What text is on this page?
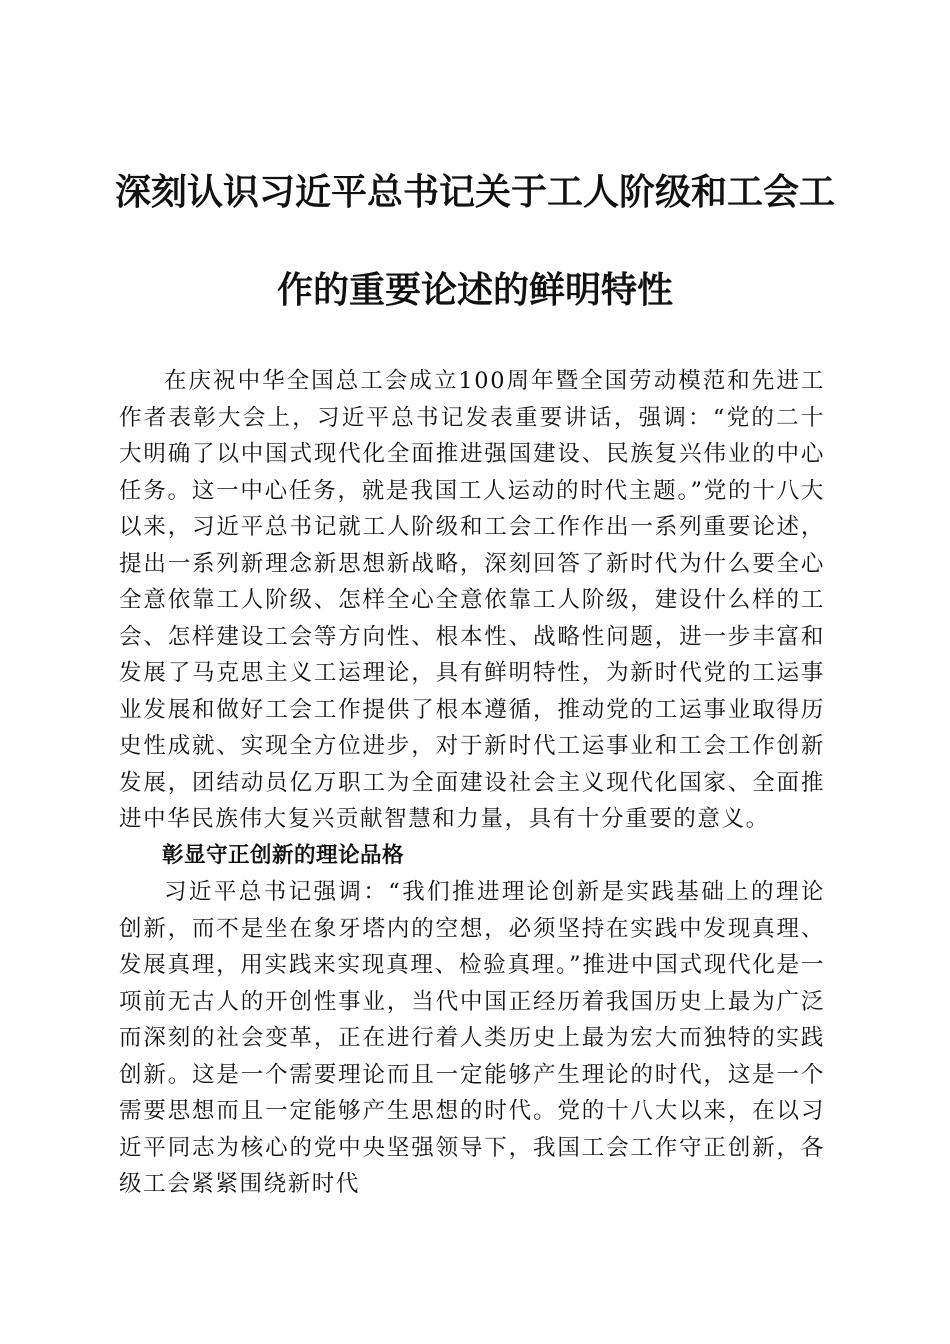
深刻认识习近平总书记关于工人阶级和工会工
作的重要论述的鲜明特性

在庆祝中华全国总工会成立100周年暨全国劳动模范和先进工作者表彰大会上，习近平总书记发表重要讲话，强调：“党的二十大明确了以中国式现代化全面推进强国建设、民族复兴伟业的中心任务。这一中心任务，就是我国工人运动的时代主题。”党的十八大以来，习近平总书记就工人阶级和工会工作作出一系列重要论述，提出一系列新理念新思想新战略，深刻回答了新时代为什么要全心全意依靠工人阶级、怎样全心全意依靠工人阶级，建设什么样的工会、怎样建设工会等方向性、根本性、战略性问题，进一步丰富和发展了马克思主义工运理论，具有鲜明特性，为新时代党的工运事业发展和做好工会工作提供了根本遵循，推动党的工运事业取得历史性成就、实现全方位进步，对于新时代工运事业和工会工作创新发展，团结动员亿万职工为全面建设社会主义现代化国家、全面推进中华民族伟大复兴贡献智慧和力量，具有十分重要的意义。

彰显守正创新的理论品格

习近平总书记强调：“我们推进理论创新是实践基础上的理论创新，而不是坐在象牙塔内的空想，必须坚持在实践中发现真理、发展真理，用实践来实现真理、检验真理。”推进中国式现代化是一项前无古人的开创性事业，当代中国正经历着我国历史上最为广泛而深刻的社会变革，正在进行着人类历史上最为宏大而独特的实践创新。这是一个需要理论而且一定能够产生理论的时代，这是一个需要思想而且一定能够产生思想的时代。党的十八大以来，在以习近平同志为核心的党中央坚强领导下，我国工会工作守正创新，各级工会紧紧围绕新时代
